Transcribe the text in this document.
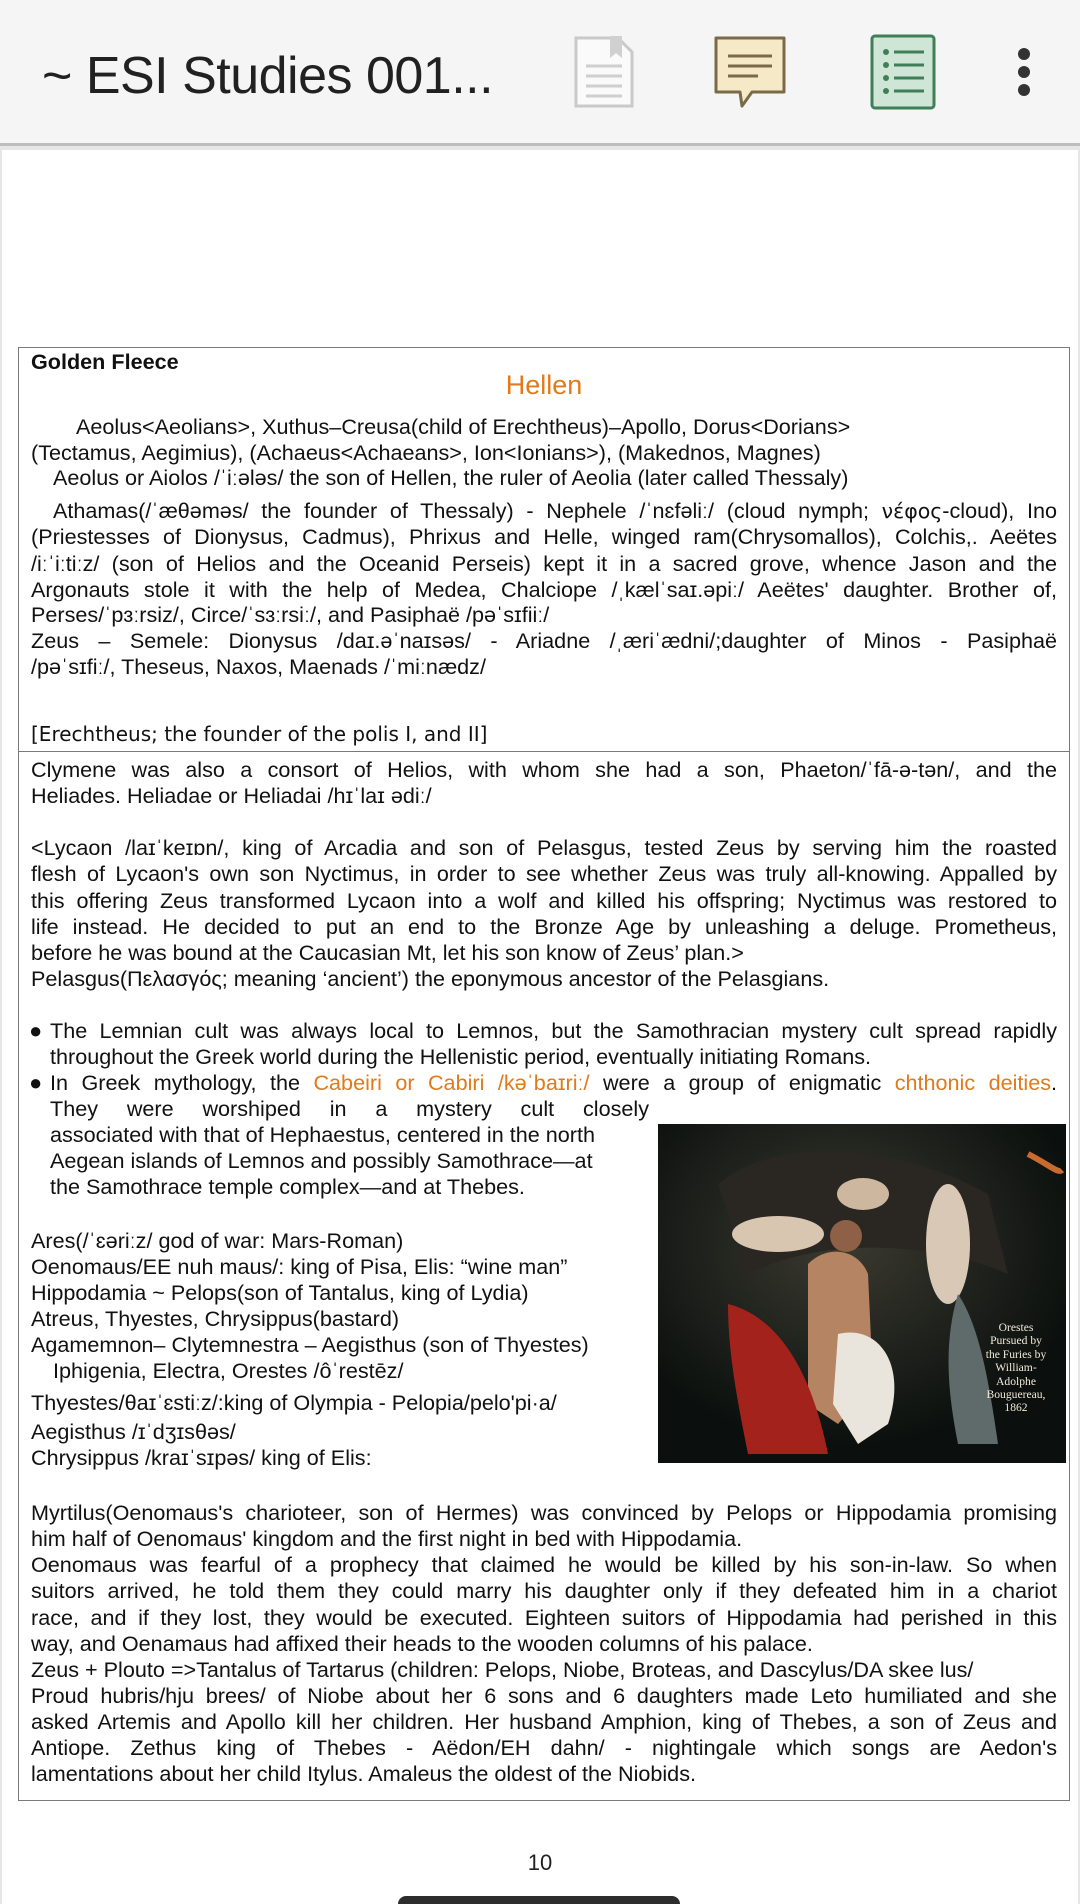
~ ESI Studies 001...
Golden Fleece
Hellen
Aeolus<Aeolians>, Xuthus–Creusa(child of Erechtheus)–Apollo, Dorus<Dorians>
(Tectamus, Aegimius), (Achaeus<Achaeans>, Ion<Ionians>), (Makednos, Magnes)
Aeolus or Aiolos /ˈiːələs/ the son of Hellen, the ruler of Aeolia (later called Thessaly)
Athamas(/ˈæθəməs/ the founder of Thessaly) - Nephele /ˈnɛfəliː/ (cloud nymph; νέφος-cloud), Ino
(Priestesses of Dionysus, Cadmus), Phrixus and Helle, winged ram(Chrysomallos), Colchis,. Aeëtes
/iːˈiːtiːz/ (son of Helios and the Oceanid Perseis) kept it in a sacred grove, whence Jason and the
Argonauts stole it with the help of Medea, Chalciope /ˌkælˈsaɪ.əpiː/ Aeëtes' daughter. Brother of,
Perses/ˈpɜːrsiz/, Circe/ˈsɜːrsiː/, and Pasiphaë /pəˈsɪfiiː/
Zeus – Semele: Dionysus /daɪ.əˈnaɪsəs/ - Ariadne /ˌæriˈædni/;daughter of Minos - Pasiphaë
/pəˈsɪfiː/, Theseus, Naxos, Maenads /ˈmiːnædz/
[Erechtheus; the founder of the polis I, and II]
Clymene was also a consort of Helios, with whom she had a son, Phaeton/ˈfā-ə-tən/, and the
Heliades. Heliadae or Heliadai /hɪˈlaɪ ədiː/
<Lycaon /laɪˈkeɪɒn/, king of Arcadia and son of Pelasgus, tested Zeus by serving him the roasted
flesh of Lycaon's own son Nyctimus, in order to see whether Zeus was truly all-knowing. Appalled by
this offering Zeus transformed Lycaon into a wolf and killed his offspring; Nyctimus was restored to
life instead. He decided to put an end to the Bronze Age by unleashing a deluge. Prometheus,
before he was bound at the Caucasian Mt, let his son know of Zeus’ plan.>
Pelasgus(Πελασγός; meaning ‘ancient’) the eponymous ancestor of the Pelasgians.
● The Lemnian cult was always local to Lemnos, but the Samothracian mystery cult spread rapidly
throughout the Greek world during the Hellenistic period, eventually initiating Romans.
● In Greek mythology, the Cabeiri or Cabiri /kəˈbaɪriː/ were a group of enigmatic chthonic deities.
They were worshiped in a mystery cult closely
associated with that of Hephaestus, centered in the north
Aegean islands of Lemnos and possibly Samothrace—at
the Samothrace temple complex—and at Thebes.
Ares(/ˈɛəriːz/ god of war: Mars-Roman)
Oenomaus/EE nuh maus/: king of Pisa, Elis: “wine man”
Hippodamia ~ Pelops(son of Tantalus, king of Lydia)
Atreus, Thyestes, Chrysippus(bastard)
Agamemnon– Clytemnestra – Aegisthus (son of Thyestes)
Iphigenia, Electra, Orestes /ôˈrestēz/
Thyestes/θaɪˈɛstiːz/:king of Olympia - Pelopia/pelo'pi·a/
Aegisthus /ɪˈdʒɪsθəs/
Chrysippus /kraɪˈsɪpəs/ king of Elis:
Orestes
Pursued by
the Furies by
William-
Adolphe
Bouguereau,
1862
Myrtilus(Oenomaus's charioteer, son of Hermes) was convinced by Pelops or Hippodamia promising
him half of Oenomaus' kingdom and the first night in bed with Hippodamia.
Oenomaus was fearful of a prophecy that claimed he would be killed by his son-in-law. So when
suitors arrived, he told them they could marry his daughter only if they defeated him in a chariot
race, and if they lost, they would be executed. Eighteen suitors of Hippodamia had perished in this
way, and Oenamaus had affixed their heads to the wooden columns of his palace.
Zeus + Plouto =>Tantalus of Tartarus (children: Pelops, Niobe, Broteas, and Dascylus/DA skee lus/
Proud hubris/hju brees/ of Niobe about her 6 sons and 6 daughters made Leto humiliated and she
asked Artemis and Apollo kill her children. Her husband Amphion, king of Thebes, a son of Zeus and
Antiope. Zethus king of Thebes - Aëdon/EH dahn/ - nightingale which songs are Aedon's
lamentations about her child Itylus. Amaleus the oldest of the Niobids.
10
